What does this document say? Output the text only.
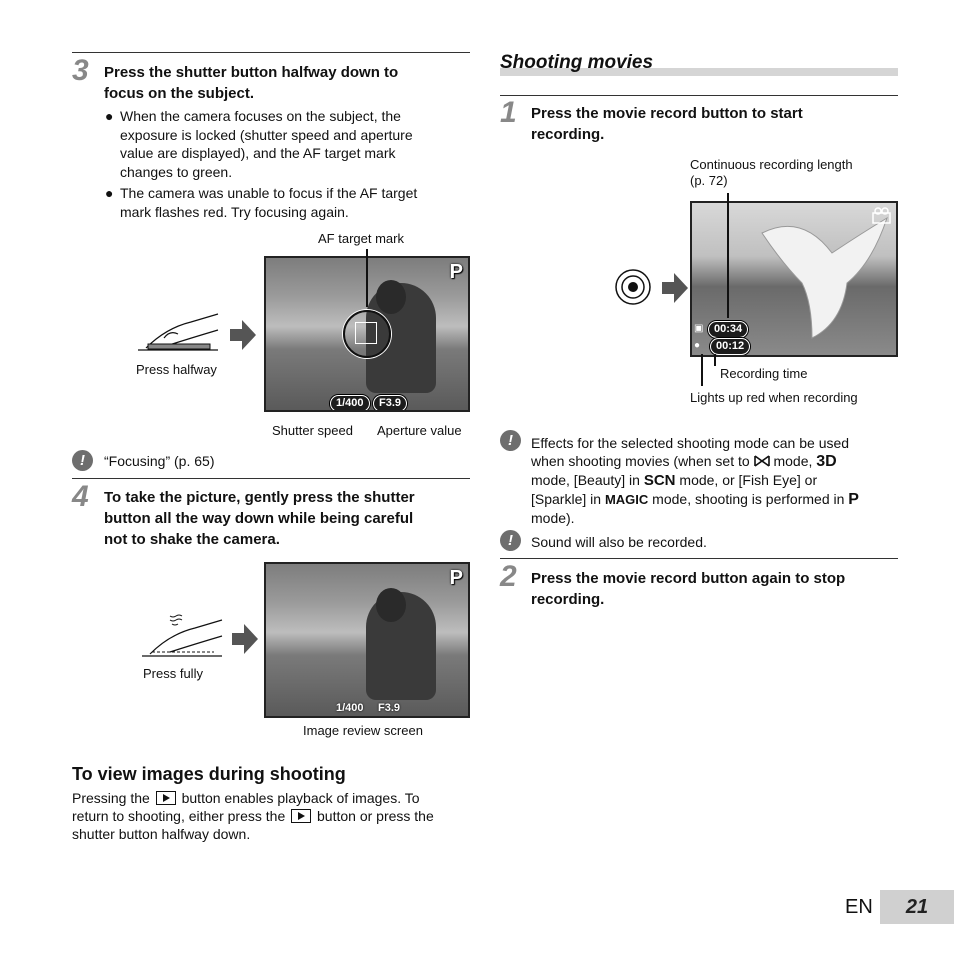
3 Press the shutter button halfway down to
focus on the subject.
● When the camera focuses on the subject, the
exposure is locked (shutter speed and aperture
value are displayed), and the AF target mark
changes to green.
● The camera was unable to focus if the AF target
mark flashes red. Try focusing again.
AF target mark
Press halfway
P
1/400	F3.9
Shutter speed Aperture value
!	“Focusing” (p. 65)
4 To take the picture, gently press the shutter
button all the way down while being careful
not to shake the camera.
Press fully
P
1/400 F3.9
Image review screen
To view images during shooting
Pressing the button enables playback of images. To
return to shooting, either press the button or press the
shutter button halfway down.
Shooting movies
1 Press the movie record button to start
recording.
Continuous recording length
(p. 72)
▣ 00:34
●	00:12
Recording time
Lights up red when recording
!	Effects for the selected shooting mode can be used
when shooting movies (when set to mode, 3D
mode, [Beauty] in SCN mode, or [Fish Eye] or
[Sparkle] in MAGIC mode, shooting is performed in P
mode).
!	Sound will also be recorded.
2 Press the movie record button again to stop
recording.
EN	21
